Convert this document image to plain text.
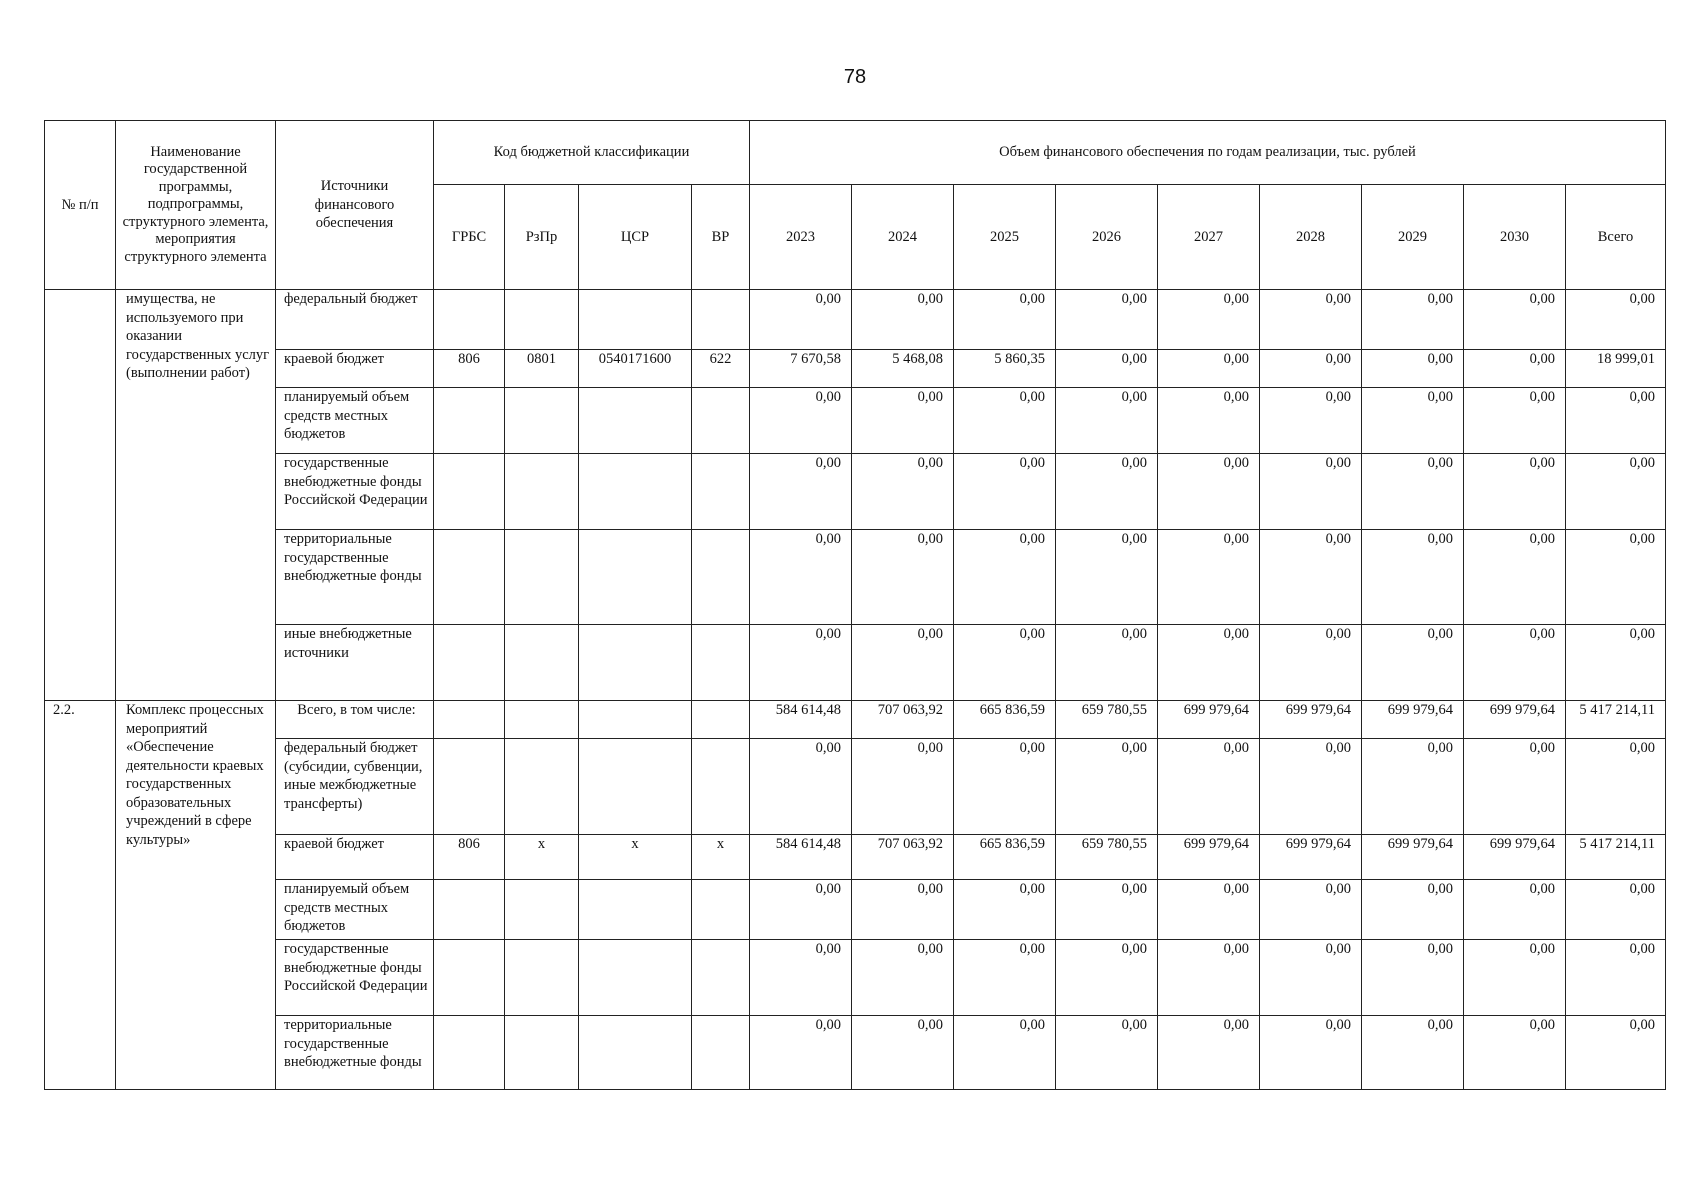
78
№ п/п	Наименование государственной программы, подпрограммы, структурного элемента, мероприятия структурного элемента	Источники финансового обеспечения	Код бюджетной классификации				Объем финансового обеспечения по годам реализации, тыс. рублей								
			ГРБС	РзПр	ЦСР	ВР	2023	2024	2025	2026	2027	2028	2029	2030	Всего
	имущества, не используемого при оказании государственных услуг (выполнении работ)	федеральный бюджет					0,00	0,00	0,00	0,00	0,00	0,00	0,00	0,00	0,00
		краевой бюджет	806	0801	0540171600	622	7 670,58	5 468,08	5 860,35	0,00	0,00	0,00	0,00	0,00	18 999,01
		планируемый объем средств местных бюджетов					0,00	0,00	0,00	0,00	0,00	0,00	0,00	0,00	0,00
		государственные внебюджетные фонды Российской Федерации					0,00	0,00	0,00	0,00	0,00	0,00	0,00	0,00	0,00
		территориальные государственные внебюджетные фонды					0,00	0,00	0,00	0,00	0,00	0,00	0,00	0,00	0,00
		иные внебюджетные источники					0,00	0,00	0,00	0,00	0,00	0,00	0,00	0,00	0,00
2.2.	Комплекс процессных мероприятий «Обеспечение деятельности краевых государственных образовательных учреждений в сфере культуры»	Всего, в том числе:					584 614,48	707 063,92	665 836,59	659 780,55	699 979,64	699 979,64	699 979,64	699 979,64	5 417 214,11
		федеральный бюджет (субсидии, субвенции, иные межбюджетные трансферты)					0,00	0,00	0,00	0,00	0,00	0,00	0,00	0,00	0,00
		краевой бюджет	806	x	x	x	584 614,48	707 063,92	665 836,59	659 780,55	699 979,64	699 979,64	699 979,64	699 979,64	5 417 214,11
		планируемый объем средств местных бюджетов					0,00	0,00	0,00	0,00	0,00	0,00	0,00	0,00	0,00
		государственные внебюджетные фонды Российской Федерации					0,00	0,00	0,00	0,00	0,00	0,00	0,00	0,00	0,00
		территориальные государственные внебюджетные фонды					0,00	0,00	0,00	0,00	0,00	0,00	0,00	0,00	0,00
